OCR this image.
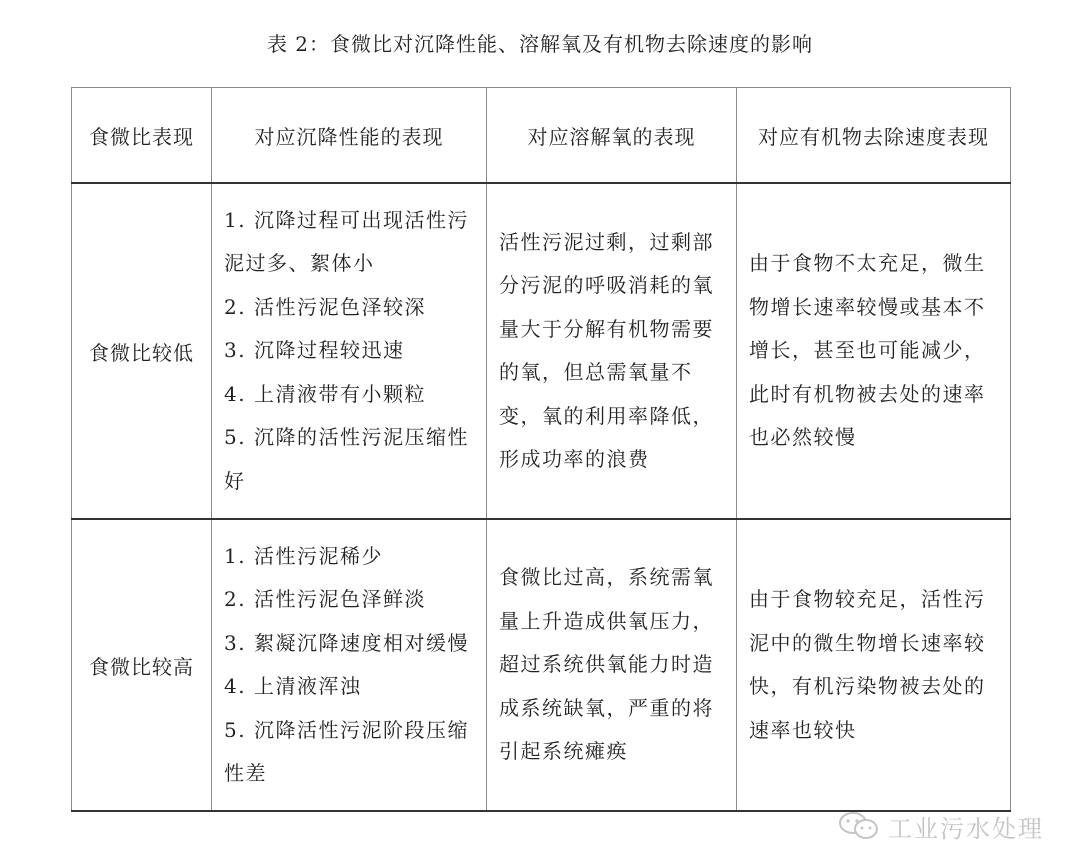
表 2：食微比对沉降性能、溶解氧及有机物去除速度的影响
食微比表现	对应沉降性能的表现	对应溶解氧的表现	对应有机物去除速度表现
食微比较低	1. 沉降过程可出现活性污泥过多、絮体小
2. 活性污泥色泽较深
3. 沉降过程较迅速
4. 上清液带有小颗粒
5. 沉降的活性污泥压缩性好	活性污泥过剩，过剩部分污泥的呼吸消耗的氧量大于分解有机物需要的氧，但总需氧量不变，氧的利用率降低，形成功率的浪费	由于食物不太充足，微生物增长速率较慢或基本不增长，甚至也可能减少，此时有机物被去处的速率也必然较慢
食微比较高	1. 活性污泥稀少
2. 活性污泥色泽鲜淡
3. 絮凝沉降速度相对缓慢
4. 上清液浑浊
5. 沉降活性污泥阶段压缩性差	食微比过高，系统需氧量上升造成供氧压力，超过系统供氧能力时造成系统缺氧，严重的将引起系统瘫痪	由于食物较充足，活性污泥中的微生物增长速率较快，有机污染物被去处的速率也较快
工业污水处理
